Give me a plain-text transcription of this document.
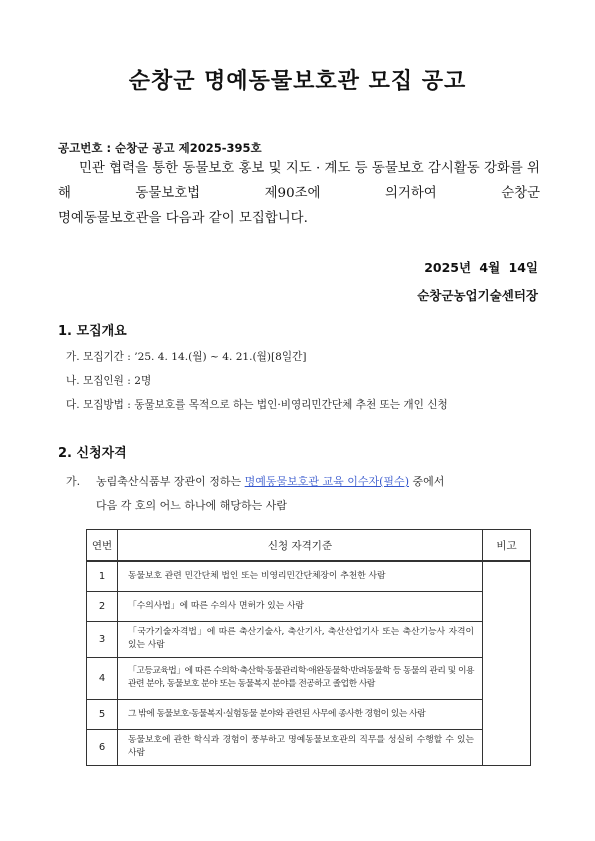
순창군 명예동물보호관 모집 공고
공고번호 : 순창군 공고 제2025-395호
민관 협력을 통한 동물보호 홍보 및 지도 · 계도 등 동물보호 감시활동 강화를 위해 동물보호법 제90조에 의거하여 순창군
명예동물보호관을 다음과 같이 모집합니다.
2025년 4월 14일
순창군농업기술센터장
1. 모집개요
가. 모집기간 : ’25. 4. 14.(월) ~ 4. 21.(월)[8일간]
나. 모집인원 : 2명
다. 모집방법 : 동물보호를 목적으로 하는 법인·비영리민간단체 추천 또는 개인 신청
2. 신청자격
가.	농림축산식품부 장관이 정하는 명예동물보호관 교육 이수자(필수) 중에서
다음 각 호의 어느 하나에 해당하는 사람
연번	신청 자격기준	비고
1	동물보호 관련 민간단체 법인 또는 비영리민간단체장이 추천한 사람	
2	「수의사법」에 따른 수의사 면허가 있는 사람	
3	「국가기술자격법」에 따른 축산기술사, 축산기사, 축산산업기사 또는 축산기능사 자격이 있는 사람	
4	「고등교육법」에 따른 수의학·축산학·동물관리학·애완동물학·반려동물학 등 동물의 관리 및 이용관련 분야, 동물보호 분야 또는 동물복지 분야를 전공하고 졸업한 사람	
5	그 밖에 동물보호·동물복지·실험동물 분야와 관련된 사무에 종사한 경험이 있는 사람	
6	동물보호에 관한 학식과 경험이 풍부하고 명예동물보호관의 직무를 성실히 수행할 수 있는 사람	
